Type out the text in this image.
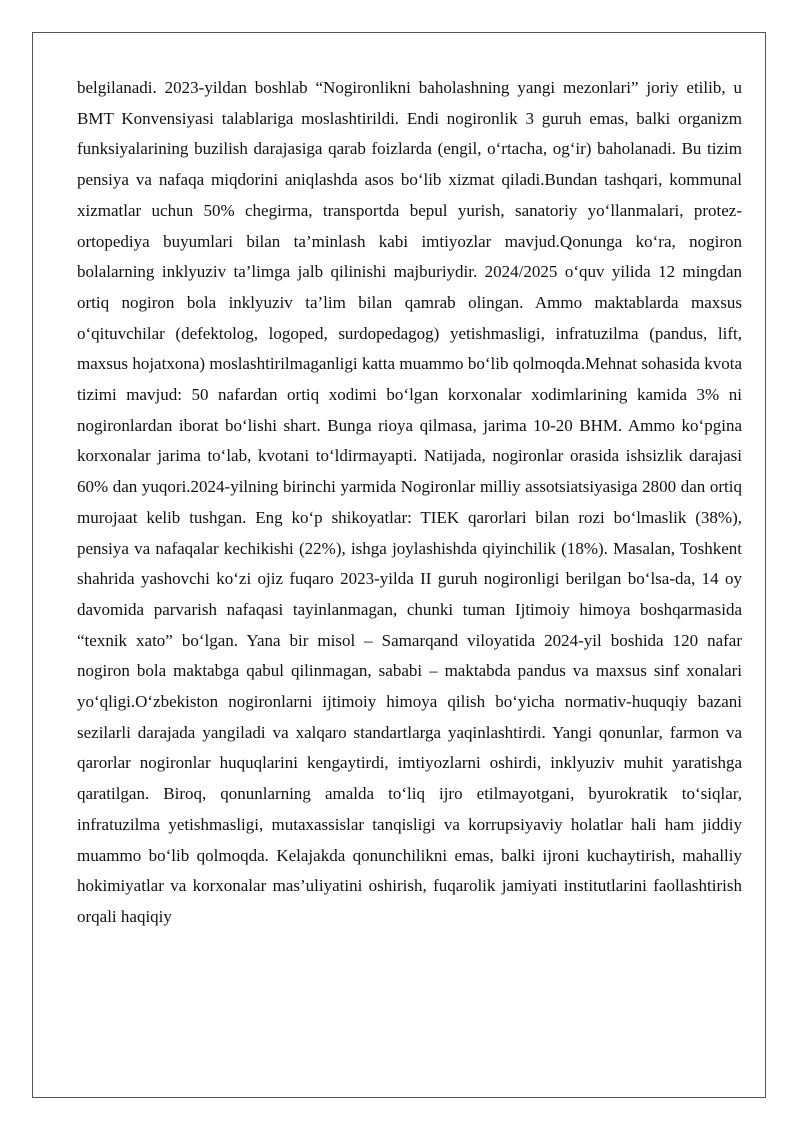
belgilanadi. 2023-yildan boshlab “Nogironlikni baholashning yangi mezonlari” joriy etilib, u BMT Konvensiyasi talablariga moslashtirildi. Endi nogironlik 3 guruh emas, balki organizm funksiyalarining buzilish darajasiga qarab foizlarda (engil, o‘rtacha, og‘ir) baholanadi. Bu tizim pensiya va nafaqa miqdorini aniqlashda asos bo‘lib xizmat qiladi.Bundan tashqari, kommunal xizmatlar uchun 50% chegirma, transportda bepul yurish, sanatoriy yo‘llanmalari, protez-ortopediya buyumlari bilan ta’minlash kabi imtiyozlar mavjud.Qonunga ko‘ra, nogiron bolalarning inklyuziv ta’limga jalb qilinishi majburiydir. 2024/2025 o‘quv yilida 12 mingdan ortiq nogiron bola inklyuziv ta’lim bilan qamrab olingan. Ammo maktablarda maxsus o‘qituvchilar (defektolog, logoped, surdopedagog) yetishmasligi, infratuzilma (pandus, lift, maxsus hojatxona) moslashtirilmaganligi katta muammo bo‘lib qolmoqda.Mehnat sohasida kvota tizimi mavjud: 50 nafardan ortiq xodimi bo‘lgan korxonalar xodimlarining kamida 3% ni nogironlardan iborat bo‘lishi shart. Bunga rioya qilmasa, jarima 10-20 BHM. Ammo ko‘pgina korxonalar jarima to‘lab, kvotani to‘ldirmayapti. Natijada, nogironlar orasida ishsizlik darajasi 60% dan yuqori.2024-yilning birinchi yarmida Nogironlar milliy assotsiatsiyasiga 2800 dan ortiq murojaat kelib tushgan. Eng ko‘p shikoyatlar: TIEK qarorlari bilan rozi bo‘lmaslik (38%), pensiya va nafaqalar kechikishi (22%), ishga joylashishda qiyinchilik (18%). Masalan, Toshkent shahrida yashovchi ko‘zi ojiz fuqaro 2023-yilda II guruh nogironligi berilgan bo‘lsa-da, 14 oy davomida parvarish nafaqasi tayinlanmagan, chunki tuman Ijtimoiy himoya boshqarmasida “texnik xato” bo‘lgan. Yana bir misol – Samarqand viloyatida 2024-yil boshida 120 nafar nogiron bola maktabga qabul qilinmagan, sababi – maktabda pandus va maxsus sinf xonalari yo‘qligi.O‘zbekiston nogironlarni ijtimoiy himoya qilish bo‘yicha normativ-huquqiy bazani sezilarli darajada yangiladi va xalqaro standartlarga yaqinlashtirdi. Yangi qonunlar, farmon va qarorlar nogironlar huquqlarini kengaytirdi, imtiyozlarni oshirdi, inklyuziv muhit yaratishga qaratilgan. Biroq, qonunlarning amalda to‘liq ijro etilmayotgani, byurokratik to‘siqlar, infratuzilma yetishmasligi, mutaxassislar tanqisligi va korrupsiyaviy holatlar hali ham jiddiy muammo bo‘lib qolmoqda. Kelajakda qonunchilikni emas, balki ijroni kuchaytirish, mahalliy hokimiyatlar va korxonalar mas’uliyatini oshirish, fuqarolik jamiyati institutlarini faollashtirish orqali haqiqiy
